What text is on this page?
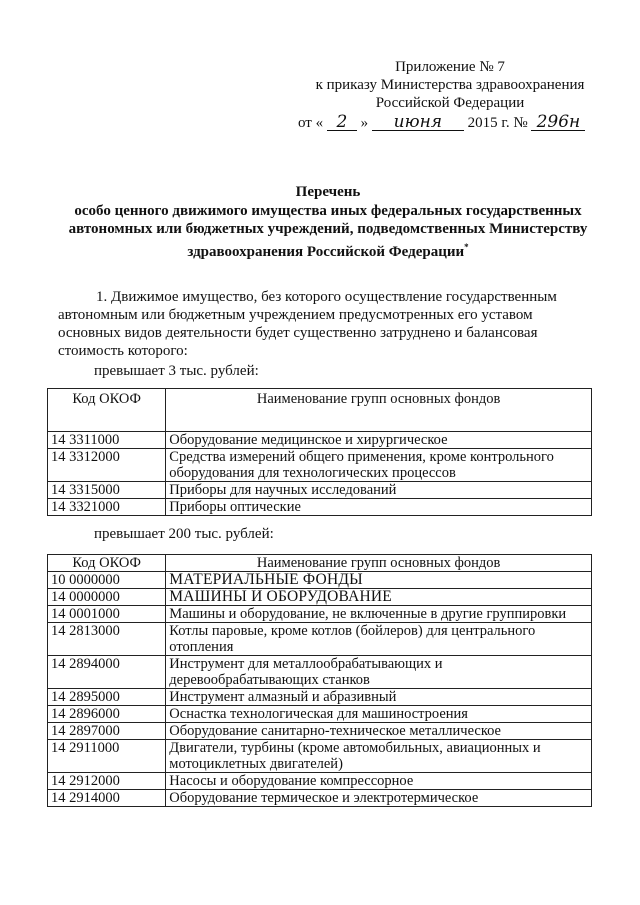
Приложение № 7
к приказу Министерства здравоохранения
Российской Федерации
от « 2 » июня 2015 г. № 296н
Перечень
особо ценного движимого имущества иных федеральных государственных
автономных или бюджетных учреждений, подведомственных Министерству
здравоохранения Российской Федерации*
1. Движимое имущество, без которого осуществление государственным
автономным или бюджетным учреждением предусмотренных его уставом
основных видов деятельности будет существенно затруднено и балансовая
стоимость которого:
превышает 3 тыс. рублей:
Код ОКОФ	Наименование групп основных фондов
14 3311000	Оборудование медицинское и хирургическое
14 3312000	Средства измерений общего применения, кроме контрольного оборудования для технологических процессов
14 3315000	Приборы для научных исследований
14 3321000	Приборы оптические
превышает 200 тыс. рублей:
Код ОКОФ	Наименование групп основных фондов
10 0000000	МАТЕРИАЛЬНЫЕ ФОНДЫ
14 0000000	МАШИНЫ И ОБОРУДОВАНИЕ
14 0001000	Машины и оборудование, не включенные в другие группировки
14 2813000	Котлы паровые, кроме котлов (бойлеров) для центрального отопления
14 2894000	Инструмент для металлообрабатывающих и деревообрабатывающих станков
14 2895000	Инструмент алмазный и абразивный
14 2896000	Оснастка технологическая для машиностроения
14 2897000	Оборудование санитарно-техническое металлическое
14 2911000	Двигатели, турбины (кроме автомобильных, авиационных и мотоциклетных двигателей)
14 2912000	Насосы и оборудование компрессорное
14 2914000	Оборудование термическое и электротермическое
